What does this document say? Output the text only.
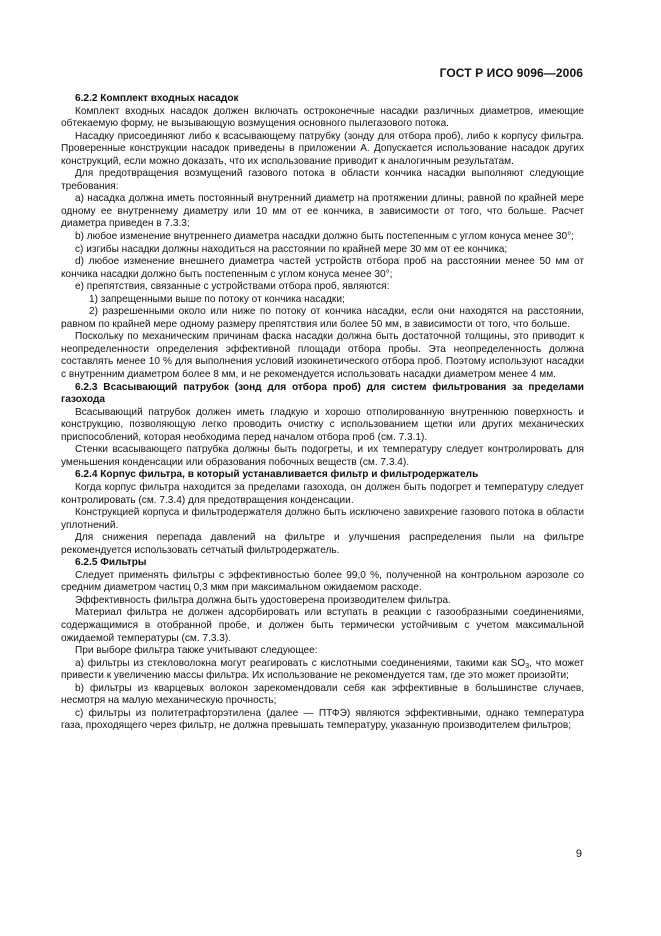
ГОСТ Р ИСО 9096—2006

6.2.2 Комплект входных насадок

Комплект входных насадок должен включать остроконечные насадки различных диаметров, имеющие обтекаемую форму, не вызывающую возмущения основного пылегазового потока.

Насадку присоединяют либо к всасывающему патрубку (зонду для отбора проб), либо к корпусу фильтра. Проверенные конструкции насадок приведены в приложении А. Допускается использование насадок других конструкций, если можно доказать, что их использование приводит к аналогичным результатам.

Для предотвращения возмущений газового потока в области кончика насадки выполняют следующие требования:

a) насадка должна иметь постоянный внутренний диаметр на протяжении длины, равной по крайней мере одному ее внутреннему диаметру или 10 мм от ее кончика, в зависимости от того, что больше. Расчет диаметра приведен в 7.3.3;

b) любое изменение внутреннего диаметра насадки должно быть постепенным с углом конуса менее 30°;

c) изгибы насадки должны находиться на расстоянии по крайней мере 30 мм от ее кончика;

d) любое изменение внешнего диаметра частей устройств отбора проб на расстоянии менее 50 мм от кончика насадки должно быть постепенным с углом конуса менее 30°;

e) препятствия, связанные с устройствами отбора проб, являются:

1) запрещенными выше по потоку от кончика насадки;

2) разрешенными около или ниже по потоку от кончика насадки, если они находятся на расстоянии, равном по крайней мере одному размеру препятствия или более 50 мм, в зависимости от того, что больше.

Поскольку по механическим причинам фаска насадки должна быть достаточной толщины, это приводит к неопределенности определения эффективной площади отбора пробы. Эта неопределенность должна составлять менее 10 % для выполнения условий изокинетического отбора проб. Поэтому используют насадки с внутренним диаметром более 8 мм, и не рекомендуется использовать насадки диаметром менее 4 мм.

6.2.3 Всасывающий патрубок (зонд для отбора проб) для систем фильтрования за пределами газохода

Всасывающий патрубок должен иметь гладкую и хорошо отполированную внутреннюю поверхность и конструкцию, позволяющую легко проводить очистку с использованием щетки или других механических приспособлений, которая необходима перед началом отбора проб (см. 7.3.1).

Стенки всасывающего патрубка должны быть подогреты, и их температуру следует контролировать для уменьшения конденсации или образования побочных веществ (см. 7.3.4).

6.2.4 Корпус фильтра, в который устанавливается фильтр и фильтродержатель

Когда корпус фильтра находится за пределами газохода, он должен быть подогрет и температуру следует контролировать (см. 7.3.4) для предотвращения конденсации.

Конструкцией корпуса и фильтродержателя должно быть исключено завихрение газового потока в области уплотнений.

Для снижения перепада давлений на фильтре и улучшения распределения пыли на фильтре рекомендуется использовать сетчатый фильтродержатель.

6.2.5 Фильтры

Следует применять фильтры с эффективностью более 99,0 %, полученной на контрольном аэрозоле со средним диаметром частиц 0,3 мкм при максимальном ожидаемом расходе.

Эффективность фильтра должна быть удостоверена производителем фильтра.

Материал фильтра не должен адсорбировать или вступать в реакции с газообразными соединениями, содержащимися в отобранной пробе, и должен быть термически устойчивым с учетом максимальной ожидаемой температуры (см. 7.3.3).

При выборе фильтра также учитывают следующее:

a) фильтры из стекловолокна могут реагировать с кислотными соединениями, такими как $SO_3$, что может привести к увеличению массы фильтра. Их использование не рекомендуется там, где это может произойти;

b) фильтры из кварцевых волокон зарекомендовали себя как эффективные в большинстве случаев, несмотря на малую механическую прочность;

c) фильтры из политетрафторэтилена (далее — ПТФЭ) являются эффективными, однако температура газа, проходящего через фильтр, не должна превышать температуру, указанную производителем фильтров;

9
